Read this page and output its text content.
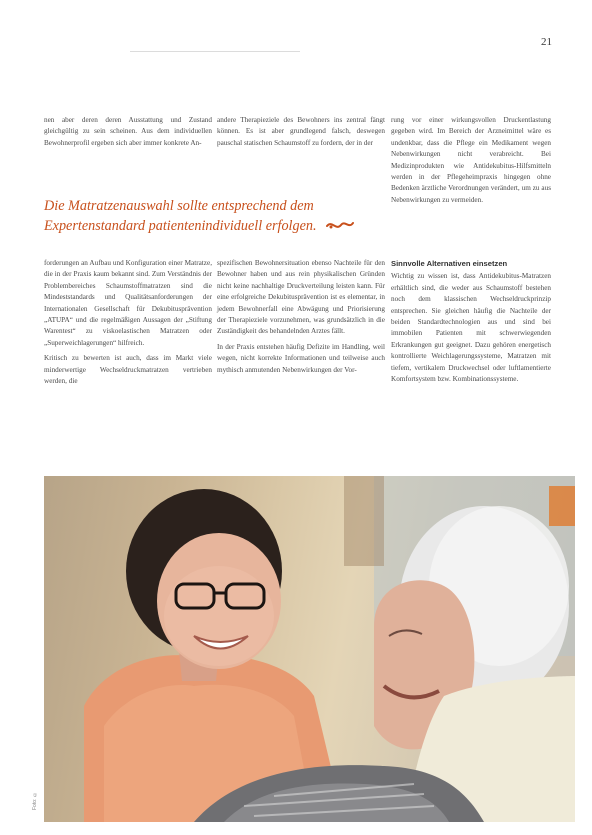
21

nen aber deren deren Ausstattung und Zustand gleichgültig zu sein scheinen. Aus dem individuellen Bewohnerprofil ergeben sich aber immer konkrete An-

andere Therapieziele des Bewohners ins zentral fängt können. Es ist aber grundlegend falsch, deswegen pauschal statischen Schaumstoff zu fordern, der in der

rung vor einer wirkungsvollen Druckentlastung gegeben wird. Im Bereich der Arzneimittel wäre es undenkbar, dass die Pflege ein Medikament wegen Nebenwirkungen nicht verabreicht. Bei Medizinprodukten wie Antidekubitus-Hilfsmitteln werden in der Pflegeheimpraxis hingegen ohne Bedenken ärztliche Verordnungen verändert, um zu aus Nebenwirkungen zu vermeiden.

Die Matratzenauswahl sollte entsprechend dem
Expertenstandard patientenindividuell erfolgen.

forderungen an Aufbau und Konfiguration einer Matratze, die in der Praxis kaum bekannt sind. Zum Verständnis der Problembereiches Schaumstoffmatratzen sind die Mindeststandards und Qualitätsanforderungen der Internationalen Gesellschaft für Dekubitusprävention „ATUPA“ und die regelmäßigen Aussagen der „Stiftung Warentest“ zu viskoelastischen Matratzen oder „Superweichlagerungen“ hilfreich.

Kritisch zu bewerten ist auch, dass im Markt viele minderwertige Wechseldruckmatratzen vertrieben werden, die

spezifischen Bewohnersituation ebenso Nachteile für den Bewohner haben und aus rein physikalischen Gründen nicht keine nachhaltige Druckverteilung leisten kann. Für eine erfolgreiche Dekubitusprävention ist es elementar, in jedem Bewohnerfall eine Abwägung und Priorisierung der Therapieziele vorzunehmen, was grundsätzlich in die Zuständigkeit des behandelnden Arztes fällt.

In der Praxis entstehen häufig Defizite im Handling, weil wegen, nicht korrekte Informationen und teilweise auch mythisch anmutenden Nebenwirkungen der Vor-

Sinnvolle Alternativen einsetzen

Wichtig zu wissen ist, dass Antidekubitus-Matratzen erhältlich sind, die weder aus Schaumstoff bestehen noch dem klassischen Wechseldruckprinzip entsprechen. Sie gleichen häufig die Nachteile der beiden Standardtechnologien aus und sind bei immobilen Patienten mit schwerwiegenden Erkrankungen gut geeignet. Dazu gehören energetisch kontrollierte Weichlagerungssysteme, Matratzen mit tiefem, vertikalem Druckwechsel oder luftlamentierte Komfortsystem bzw. Kombinationssysteme.

Foto: ©
